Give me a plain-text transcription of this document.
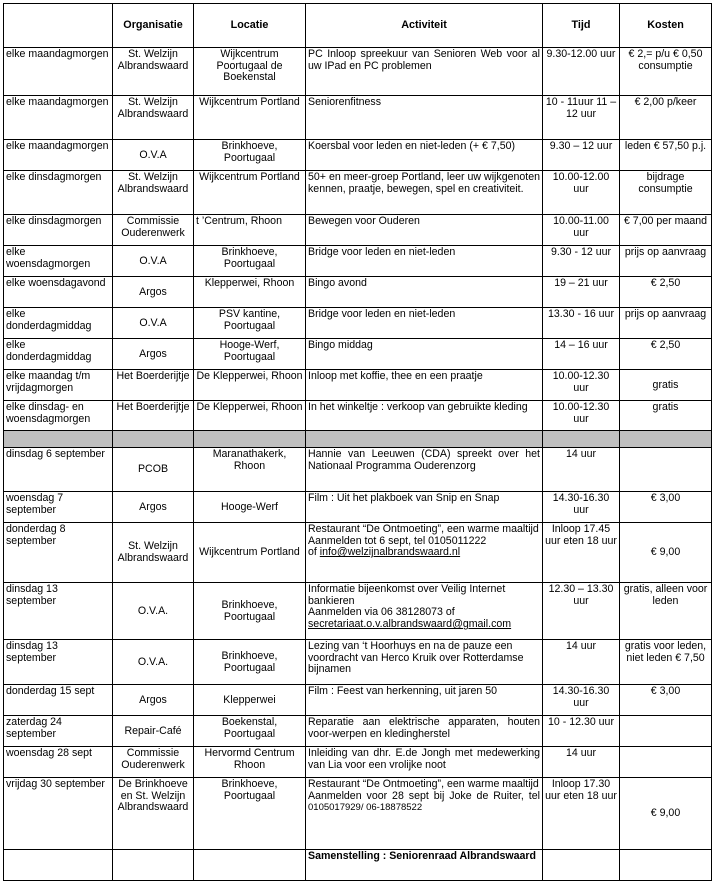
	Organisatie	Locatie	Activiteit	Tijd	Kosten
elke maandagmorgen	St. Welzijn Albrandswaard	Wijkcentrum Poortugaal de Boekenstal	PC Inloop spreekuur van Senioren Web voor al uw IPad en PC problemen	9.30-12.00 uur	€ 2,= p/u € 0,50 consumptie
elke maandagmorgen	St. Welzijn Albrandswaard	Wijkcentrum Portland	Seniorenfitness	10 - 11uur 11 – 12 uur	€ 2,00 p/keer
elke maandagmorgen	O.V.A	Brinkhoeve, Poortugaal	Koersbal voor leden en niet-leden (+ € 7,50)	9.30 – 12 uur	leden € 57,50 p.j.
elke dinsdagmorgen	St. Welzijn Albrandswaard	Wijkcentrum Portland	50+ en meer-groep Portland, leer uw wijkgenoten kennen, praatje, bewegen, spel en creativiteit.	10.00-12.00 uur	bijdrage consumptie
elke dinsdagmorgen	Commissie Ouderenwerk	t ’Centrum, Rhoon	Bewegen voor Ouderen	10.00-11.00 uur	€ 7,00 per maand
elke woensdagmorgen	O.V.A	Brinkhoeve, Poortugaal	Bridge voor leden en niet-leden	9.30 - 12 uur	prijs op aanvraag
elke woensdagavond	Argos	Klepperwei, Rhoon	Bingo avond	19 – 21 uur	€ 2,50
elke donderdagmiddag	O.V.A	PSV kantine, Poortugaal	Bridge voor leden en niet-leden	13.30 - 16 uur	prijs op aanvraag
elke donderdagmiddag	Argos	Hooge-Werf, Poortugaal	Bingo middag	14 – 16 uur	€ 2,50
elke maandag t/m vrijdagmorgen	Het Boerderijtje	De Klepperwei, Rhoon	Inloop met koffie, thee en een praatje	10.00-12.30 uur	gratis
elke dinsdag- en woensdagmorgen	Het Boerderijtje	De Klepperwei, Rhoon	In het winkeltje : verkoop van gebruikte kleding	10.00-12.30 uur	gratis

dinsdag 6 september	PCOB	Maranathakerk, Rhoon	Hannie van Leeuwen (CDA) spreekt over het Nationaal Programma Ouderenzorg	14 uur	
woensdag 7 september	Argos	Hooge-Werf	Film : Uit het plakboek van Snip en Snap	14.30-16.30 uur	€ 3,00
donderdag 8 september	St. Welzijn Albrandswaard	Wijkcentrum Portland	Restaurant “De Ontmoeting”, een warme maaltijd
Aanmelden tot 6 sept, tel 0105011222
of info@welzijnalbrandswaard.nl	Inloop 17.45 uur eten 18 uur	€ 9,00
dinsdag 13 september	O.V.A.	Brinkhoeve, Poortugaal	Informatie bijeenkomst over Veilig Internet bankieren
Aanmelden via 06 38128073 of
secretariaat.o.v.albrandswaard@gmail.com	12.30 – 13.30 uur	gratis, alleen voor leden
dinsdag 13 september	O.V.A.	Brinkhoeve, Poortugaal	Lezing van ‘t Hoorhuys en na de pauze een voordracht van Herco Kruik over Rotterdamse bijnamen	14 uur	gratis voor leden, niet leden € 7,50
donderdag 15 sept	Argos	Klepperwei	Film : Feest van herkenning, uit jaren 50	14.30-16.30 uur	€ 3,00
zaterdag 24 september	Repair-Café	Boekenstal, Poortugaal	Reparatie aan elektrische apparaten, houten voor-werpen en kledingherstel	10 - 12.30 uur	
woensdag 28 sept	Commissie Ouderenwerk	Hervormd Centrum Rhoon	Inleiding van dhr. E.de Jongh met medewerking van Lia voor een vrolijke noot	14 uur	
vrijdag 30 september	De Brinkhoeve en St. Welzijn Albrandswaard	Brinkhoeve, Poortugaal	Restaurant “De Ontmoeting”, een warme maaltijd
Aanmelden voor 28 sept bij Joke de Ruiter, tel 0105017929/ 06-18878522	Inloop 17.30 uur eten 18 uur	€ 9,00
			Samenstelling : Seniorenraad Albrandswaard		
